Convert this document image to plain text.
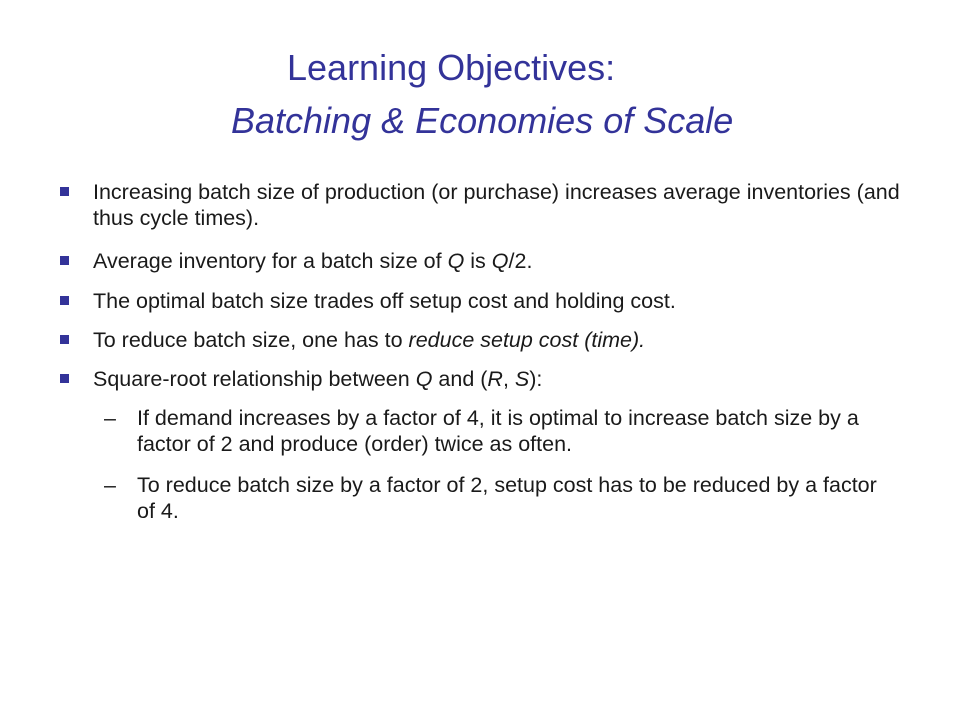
Learning Objectives:
Batching & Economies of Scale
Increasing batch size of production (or purchase) increases average inventories (and thus cycle times).
Average inventory for a batch size of Q is Q/2.
The optimal batch size trades off setup cost and holding cost.
To reduce batch size, one has to reduce setup cost (time).
Square-root relationship between Q and (R, S):
– If demand increases by a factor of 4, it is optimal to increase batch size by a factor of 2 and produce (order) twice as often.
– To reduce batch size by a factor of 2, setup cost has to be reduced by a factor of 4.
